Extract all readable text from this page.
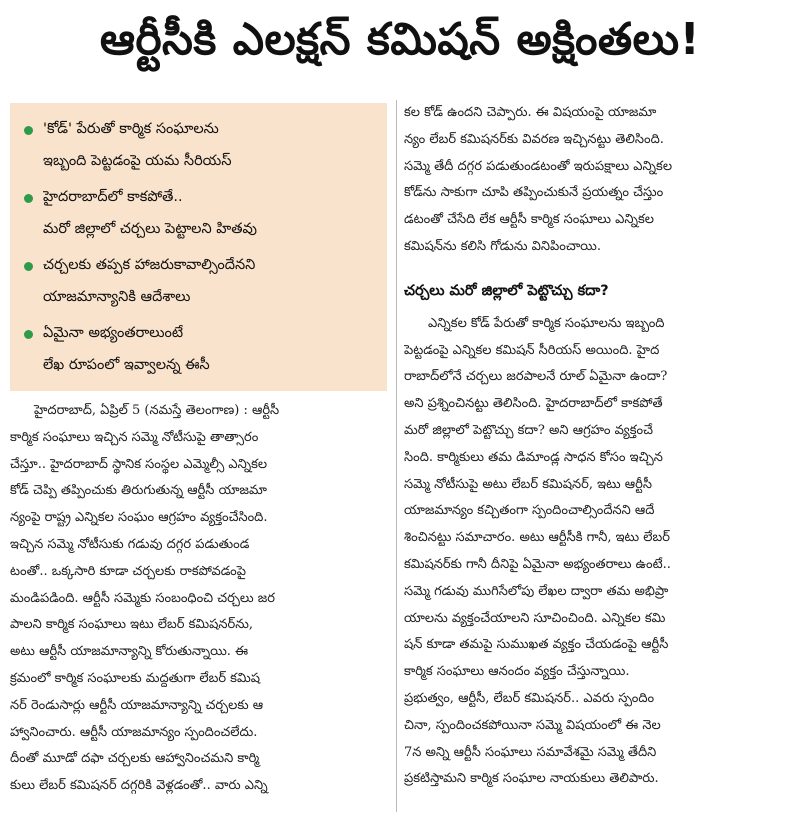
ఆర్టీసీకి ఎలక్షన్ కమిషన్ అక్షింతలు!
'కోడ్' పేరుతో కార్మిక సంఘాలను
ఇబ్బంది పెట్టడంపై యమ సీరియస్
హైదరాబాద్‌లో కాకపోతే..
మరో జిల్లాలో చర్చలు పెట్టాలని హితవు
చర్చలకు తప్పక హాజరుకావాల్సిందేనని
యాజమాన్యానికి ఆదేశాలు
ఏమైనా అభ్యంతరాలుంటే
లేఖ రూపంలో ఇవ్వాలన్న ఈసీ
హైదరాబాద్, ఏప్రిల్ 5 (నమస్తే తెలంగాణ) : ఆర్టీసీ
కార్మిక సంఘాలు ఇచ్చిన సమ్మె నోటీసుపై తాత్సారం
చేస్తూ.. హైదరాబాద్ స్థానిక సంస్థల ఎమ్మెల్సీ ఎన్నికల
కోడ్ చెప్పి తప్పించుకు తిరుగుతున్న ఆర్టీసీ యాజమా
న్యంపై రాష్ట్ర ఎన్నికల సంఘం ఆగ్రహం వ్యక్తంచేసింది.
ఇచ్చిన సమ్మె నోటీసుకు గడువు దగ్గర పడుతుండ
టంతో.. ఒక్కసారి కూడా చర్చలకు రాకపోవడంపై
మండిపడింది. ఆర్టీసీ సమ్మెకు సంబంధించి చర్చలు జర
పాలని కార్మిక సంఘాలు ఇటు లేబర్ కమిషనర్‌ను,
అటు ఆర్టీసీ యాజమాన్యాన్ని కోరుతున్నాయి. ఈ
క్రమంలో కార్మిక సంఘాలకు మద్దతుగా లేబర్ కమిష
నర్ రెండుసార్లు ఆర్టీసీ యాజమాన్యాన్ని చర్చలకు ఆ
హ్వానించారు. ఆర్టీసీ యాజమాన్యం స్పందించలేదు.
దీంతో మూడో దఫా చర్చలకు ఆహ్వానించమని కార్మి
కులు లేబర్ కమిషనర్ దగ్గరికి వెళ్లడంతో.. వారు ఎన్ని
కల కోడ్ ఉందని చెప్పారు. ఈ విషయంపై యాజమా
న్యం లేబర్ కమిషనర్‌కు వివరణ ఇచ్చినట్టు తెలిసింది.
సమ్మె తేదీ దగ్గర పడుతుండటంతో ఇరుపక్షాలు ఎన్నికల
కోడ్‌ను సాకుగా చూపి తప్పించుకునే ప్రయత్నం చేస్తుం
డటంతో చేసేది లేక ఆర్టీసీ కార్మిక సంఘాలు ఎన్నికల
కమిషన్‌ను కలిసి గోడును వినిపించాయి.
చర్చలు మరో జిల్లాలో పెట్టొచ్చు కదా?
ఎన్నికల కోడ్ పేరుతో కార్మిక సంఘాలను ఇబ్బంది
పెట్టడంపై ఎన్నికల కమిషన్ సీరియస్ అయింది. హైద
రాబాద్‌లోనే చర్చలు జరపాలనే రూల్ ఏమైనా ఉందా?
అని ప్రశ్నించినట్టు తెలిసింది. హైదరాబాద్‌లో కాకపోతే
మరో జిల్లాలో పెట్టొచ్చు కదా? అని ఆగ్రహం వ్యక్తంచే
సింది. కార్మికులు తమ డిమాండ్ల సాధన కోసం ఇచ్చిన
సమ్మె నోటీసుపై అటు లేబర్ కమిషనర్, ఇటు ఆర్టీసీ
యాజమాన్యం కచ్చితంగా స్పందించాల్సిందేనని ఆదే
శించినట్టు సమాచారం. అటు ఆర్టీసీకి గానీ, ఇటు లేబర్
కమిషనర్‌కు గానీ దీనిపై ఏమైనా అభ్యంతరాలు ఉంటే..
సమ్మె గడువు ముగిసేలోపు లేఖల ద్వారా తమ అభిప్రా
యాలను వ్యక్తంచేయాలని సూచించింది. ఎన్నికల కమి
షన్ కూడా తమపై సుముఖత వ్యక్తం చేయడంపై ఆర్టీసీ
కార్మిక సంఘాలు ఆనందం వ్యక్తం చేస్తున్నాయి.
ప్రభుత్వం, ఆర్టీసీ, లేబర్ కమిషనర్.. ఎవరు స్పందిం
చినా, స్పందించకపోయినా సమ్మె విషయంలో ఈ నెల
7న అన్ని ఆర్టీసీ సంఘాలు సమావేశమై సమ్మె తేదీని
ప్రకటిస్తామని కార్మిక సంఘాల నాయకులు తెలిపారు.
